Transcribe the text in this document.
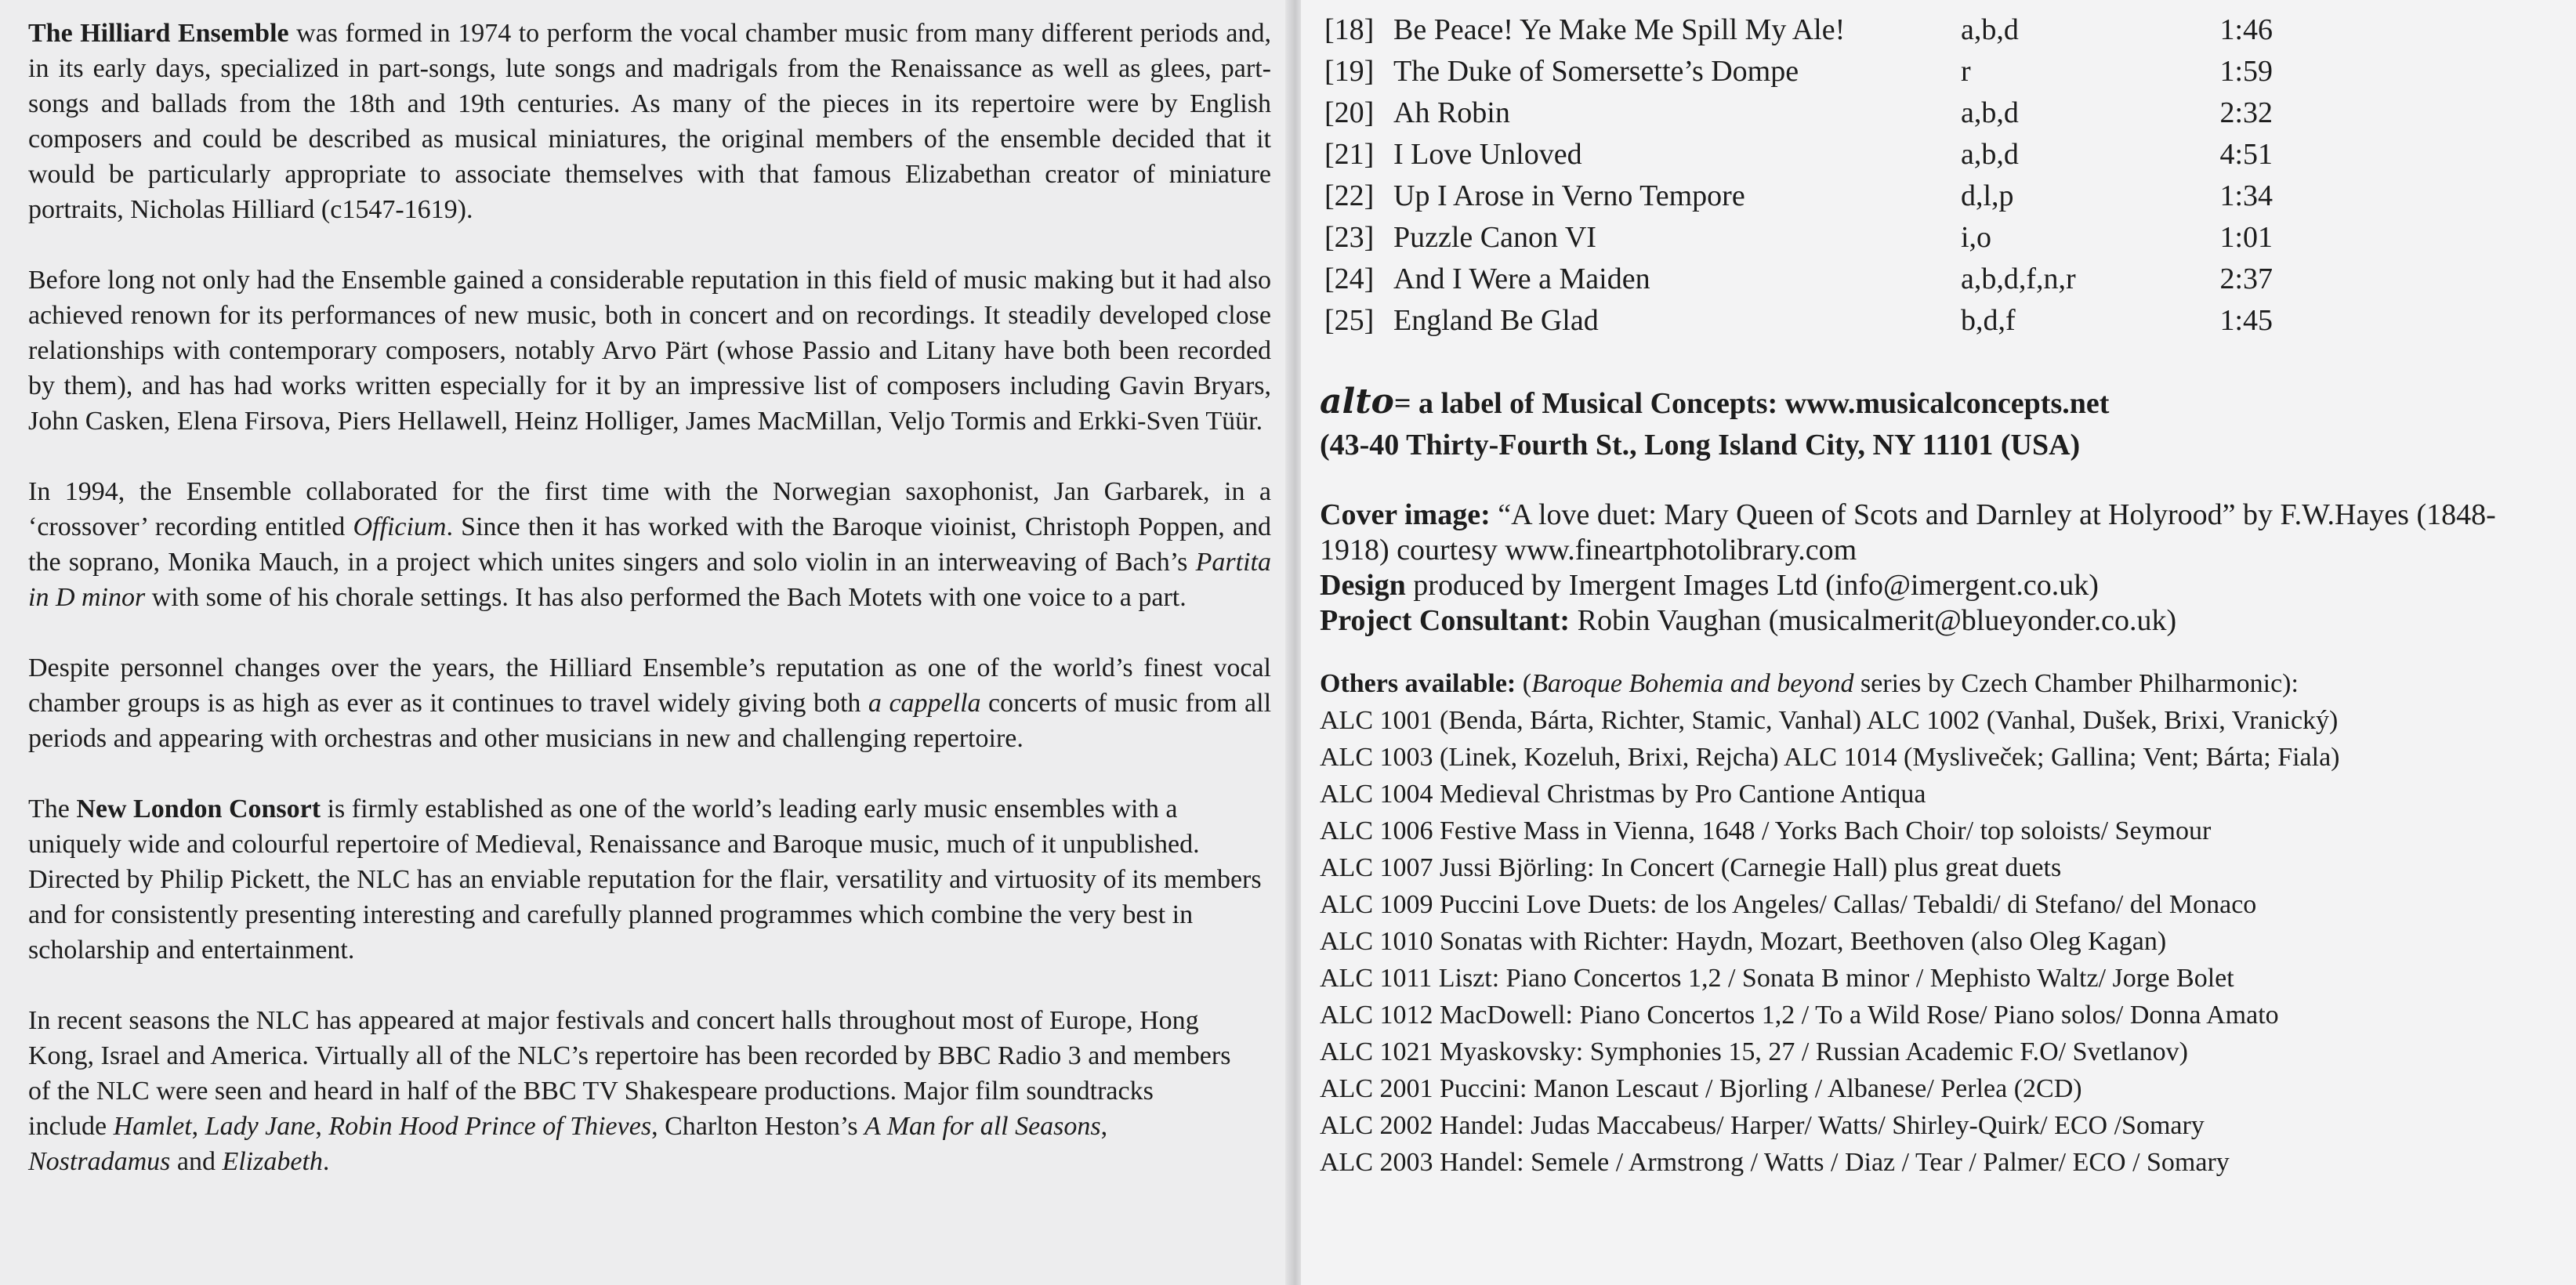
The Hilliard Ensemble was formed in 1974 to perform the vocal chamber music from many different periods and, in its early days, specialized in part-songs, lute songs and madrigals from the Renaissance as well as glees, part-songs and ballads from the 18th and 19th centuries. As many of the pieces in its repertoire were by English composers and could be described as musical miniatures, the original members of the ensemble decided that it would be particularly appropriate to associate themselves with that famous Elizabethan creator of miniature portraits, Nicholas Hilliard (c1547-1619).

Before long not only had the Ensemble gained a considerable reputation in this field of music making but it had also achieved renown for its performances of new music, both in concert and on recordings. It steadily developed close relationships with contemporary composers, notably Arvo Pärt (whose Passio and Litany have both been recorded by them), and has had works written especially for it by an impressive list of composers including Gavin Bryars, John Casken, Elena Firsova, Piers Hellawell, Heinz Holliger, James MacMillan, Veljo Tormis and Erkki-Sven Tüür.

In 1994, the Ensemble collaborated for the first time with the Norwegian saxophonist, Jan Garbarek, in a ‘crossover’ recording entitled Officium. Since then it has worked with the Baroque vioinist, Christoph Poppen, and the soprano, Monika Mauch, in a project which unites singers and solo violin in an interweaving of Bach’s Partita in D minor with some of his chorale settings. It has also performed the Bach Motets with one voice to a part.

Despite personnel changes over the years, the Hilliard Ensemble’s reputation as one of the world’s finest vocal chamber groups is as high as ever as it continues to travel widely giving both a cappella concerts of music from all periods and appearing with orchestras and other musicians in new and challenging repertoire.

The New London Consort is firmly established as one of the world’s leading early music ensembles with a uniquely wide and colourful repertoire of Medieval, Renaissance and Baroque music, much of it unpublished. Directed by Philip Pickett, the NLC has an enviable reputation for the flair, versatility and virtuosity of its members and for consistently presenting interesting and carefully planned programmes which combine the very best in scholarship and entertainment.

In recent seasons the NLC has appeared at major festivals and concert halls throughout most of Europe, Hong Kong, Israel and America. Virtually all of the NLC’s repertoire has been recorded by BBC Radio 3 and members of the NLC were seen and heard in half of the BBC TV Shakespeare productions. Major film soundtracks include Hamlet, Lady Jane, Robin Hood Prince of Thieves, Charlton Heston’s A Man for all Seasons, Nostradamus and Elizabeth.

[18] Be Peace! Ye Make Me Spill My Ale!	a,b,d	1:46
[19] The Duke of Somersette’s Dompe	r	1:59
[20] Ah Robin	a,b,d	2:32
[21] I Love Unloved	a,b,d	4:51
[22] Up I Arose in Verno Tempore	d,l,p	1:34
[23] Puzzle Canon VI	i,o	1:01
[24] And I Were a Maiden	a,b,d,f,n,r	2:37
[25] England Be Glad	b,d,f	1:45
alto= a label of Musical Concepts: www.musicalconcepts.net
(43-40 Thirty-Fourth St., Long Island City, NY 11101 (USA)
Cover image: “A love duet: Mary Queen of Scots and Darnley at Holyrood” by F.W.Hayes (1848-1918) courtesy www.fineartphotolibrary.com
Design produced by Imergent Images Ltd (info@imergent.co.uk)
Project Consultant: Robin Vaughan (musicalmerit@blueyonder.co.uk)
Others available: (Baroque Bohemia and beyond series by Czech Chamber Philharmonic):
ALC 1001 (Benda, Bárta, Richter, Stamic, Vanhal) ALC 1002 (Vanhal, Dušek, Brixi, Vranický)
ALC 1003 (Linek, Kozeluh, Brixi, Rejcha) ALC 1014 (Mysliveček; Gallina; Vent; Bárta; Fiala)
ALC 1004 Medieval Christmas by Pro Cantione Antiqua
ALC 1006 Festive Mass in Vienna, 1648 / Yorks Bach Choir/ top soloists/ Seymour
ALC 1007 Jussi Björling: In Concert (Carnegie Hall) plus great duets
ALC 1009 Puccini Love Duets: de los Angeles/ Callas/ Tebaldi/ di Stefano/ del Monaco
ALC 1010 Sonatas with Richter: Haydn, Mozart, Beethoven (also Oleg Kagan)
ALC 1011 Liszt: Piano Concertos 1,2 / Sonata B minor / Mephisto Waltz/ Jorge Bolet
ALC 1012 MacDowell: Piano Concertos 1,2 / To a Wild Rose/ Piano solos/ Donna Amato
ALC 1021 Myaskovsky: Symphonies 15, 27 / Russian Academic F.O/ Svetlanov)
ALC 2001 Puccini: Manon Lescaut / Bjorling / Albanese/ Perlea (2CD)
ALC 2002 Handel: Judas Maccabeus/ Harper/ Watts/ Shirley-Quirk/ ECO /Somary
ALC 2003 Handel: Semele / Armstrong / Watts / Diaz / Tear / Palmer/ ECO / Somary
